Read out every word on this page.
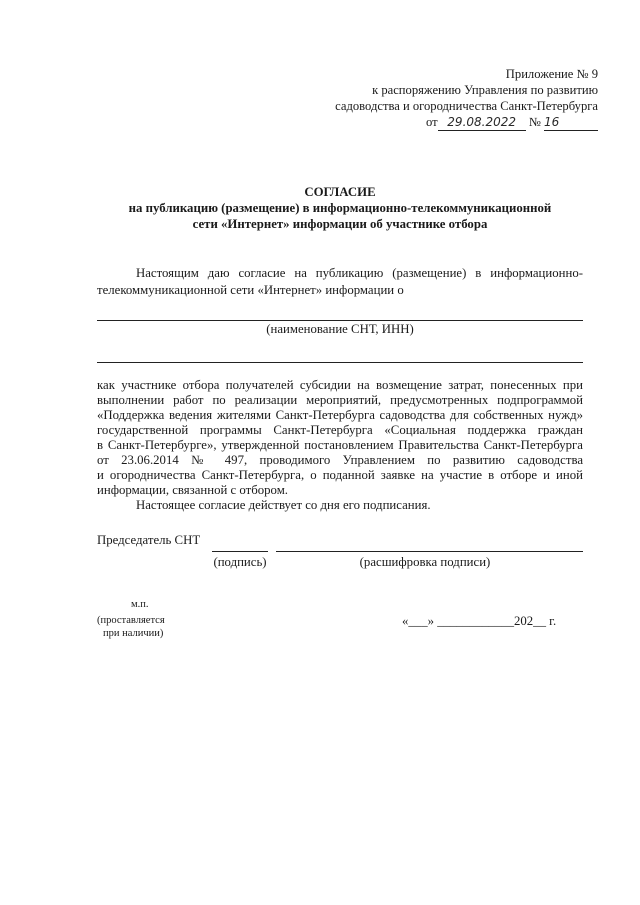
Приложение № 9
к распоряжению Управления по развитию
садоводства и огородничества Санкт-Петербурга
от 29.08.2022 № 16
СОГЛАСИЕ
на публикацию (размещение) в информационно-телекоммуникационной
сети «Интернет» информации об участнике отбора
Настоящим даю согласие на публикацию (размещение) в информационно-
телекоммуникационной сети «Интернет» информации о
(наименование СНТ, ИНН)
как участнике отбора получателей субсидии на возмещение затрат, понесенных при
выполнении работ по реализации мероприятий, предусмотренных подпрограммой
«Поддержка ведения жителями Санкт-Петербурга садоводства для собственных нужд»
государственной программы Санкт-Петербурга «Социальная поддержка граждан
в Санкт-Петербурге», утвержденной постановлением Правительства Санкт-Петербурга
от 23.06.2014 № 497, проводимого Управлением по развитию садоводства
и огородничества Санкт-Петербурга, о поданной заявке на участие в отборе и иной
информации, связанной с отбором.
Настоящее согласие действует со дня его подписания.
Председатель СНТ
(подпись)	(расшифровка подписи)
м.п.
(проставляется
при наличии)
«___» ____________202__ г.
